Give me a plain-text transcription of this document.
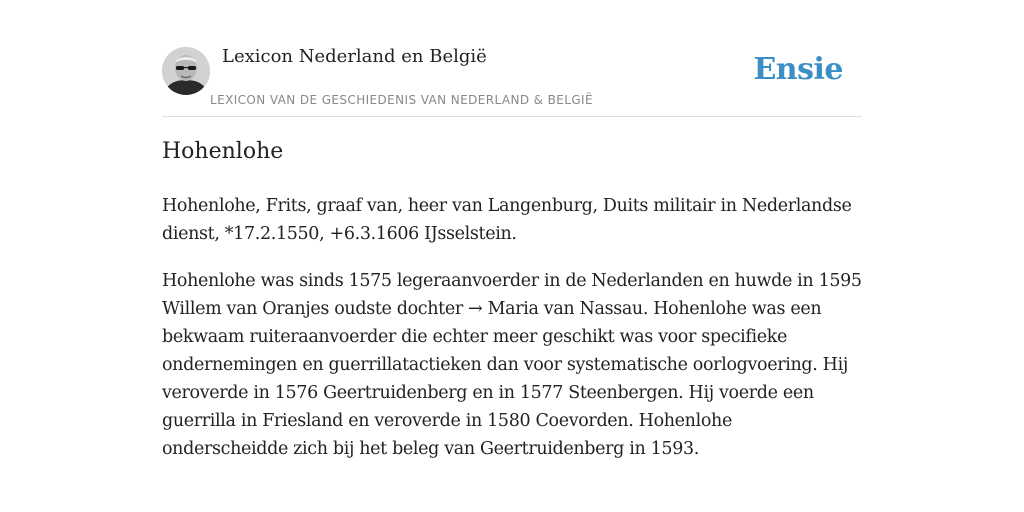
Lexicon Nederland en België
LEXICON VAN DE GESCHIEDENIS VAN NEDERLAND & BELGIË
Ensie
Hohenlohe

Hohenlohe, Frits, graaf van, heer van Langenburg, Duits militair in Nederlandse dienst, *17.2.1550, +6.3.1606 IJsselstein.

Hohenlohe was sinds 1575 legeraanvoerder in de Nederlanden en huwde in 1595 Willem van Oranjes oudste dochter → Maria van Nassau. Hohenlohe was een bekwaam ruiteraanvoerder die echter meer geschikt was voor specifieke ondernemingen en guerrillatactieken dan voor systematische oorlogvoering. Hij veroverde in 1576 Geertruidenberg en in 1577 Steenbergen. Hij voerde een guerrilla in Friesland en veroverde in 1580 Coevorden. Hohenlohe onderscheidde zich bij het beleg van Geertruidenberg in 1593.
